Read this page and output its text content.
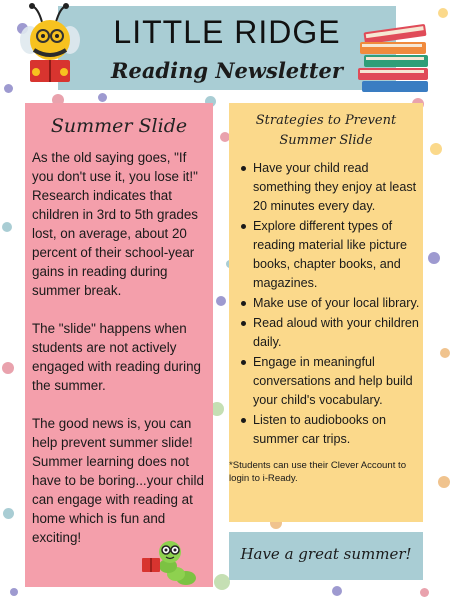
LITTLE RIDGE
Reading Newsletter
Summer Slide

As the old saying goes, "If you don't use it, you lose it!" Research indicates that children in 3rd to 5th grades lost, on average, about 20 percent of their school-year gains in reading during summer break.

The "slide" happens when students are not actively engaged with reading during the summer.

The good news is, you can help prevent summer slide! Summer learning does not have to be boring...your child can engage with reading at home which is fun and exciting!

Strategies to Prevent
Summer Slide
Have your child read something they enjoy at least 20 minutes every day.
Explore different types of reading material like picture books, chapter books, and magazines.
Make use of your local library.
Read aloud with your children daily.
Engage in meaningful conversations and help build your child's vocabulary.
Listen to audiobooks on summer car trips.
*Students can use their Clever Account to login to i-Ready.
Have a great summer!
